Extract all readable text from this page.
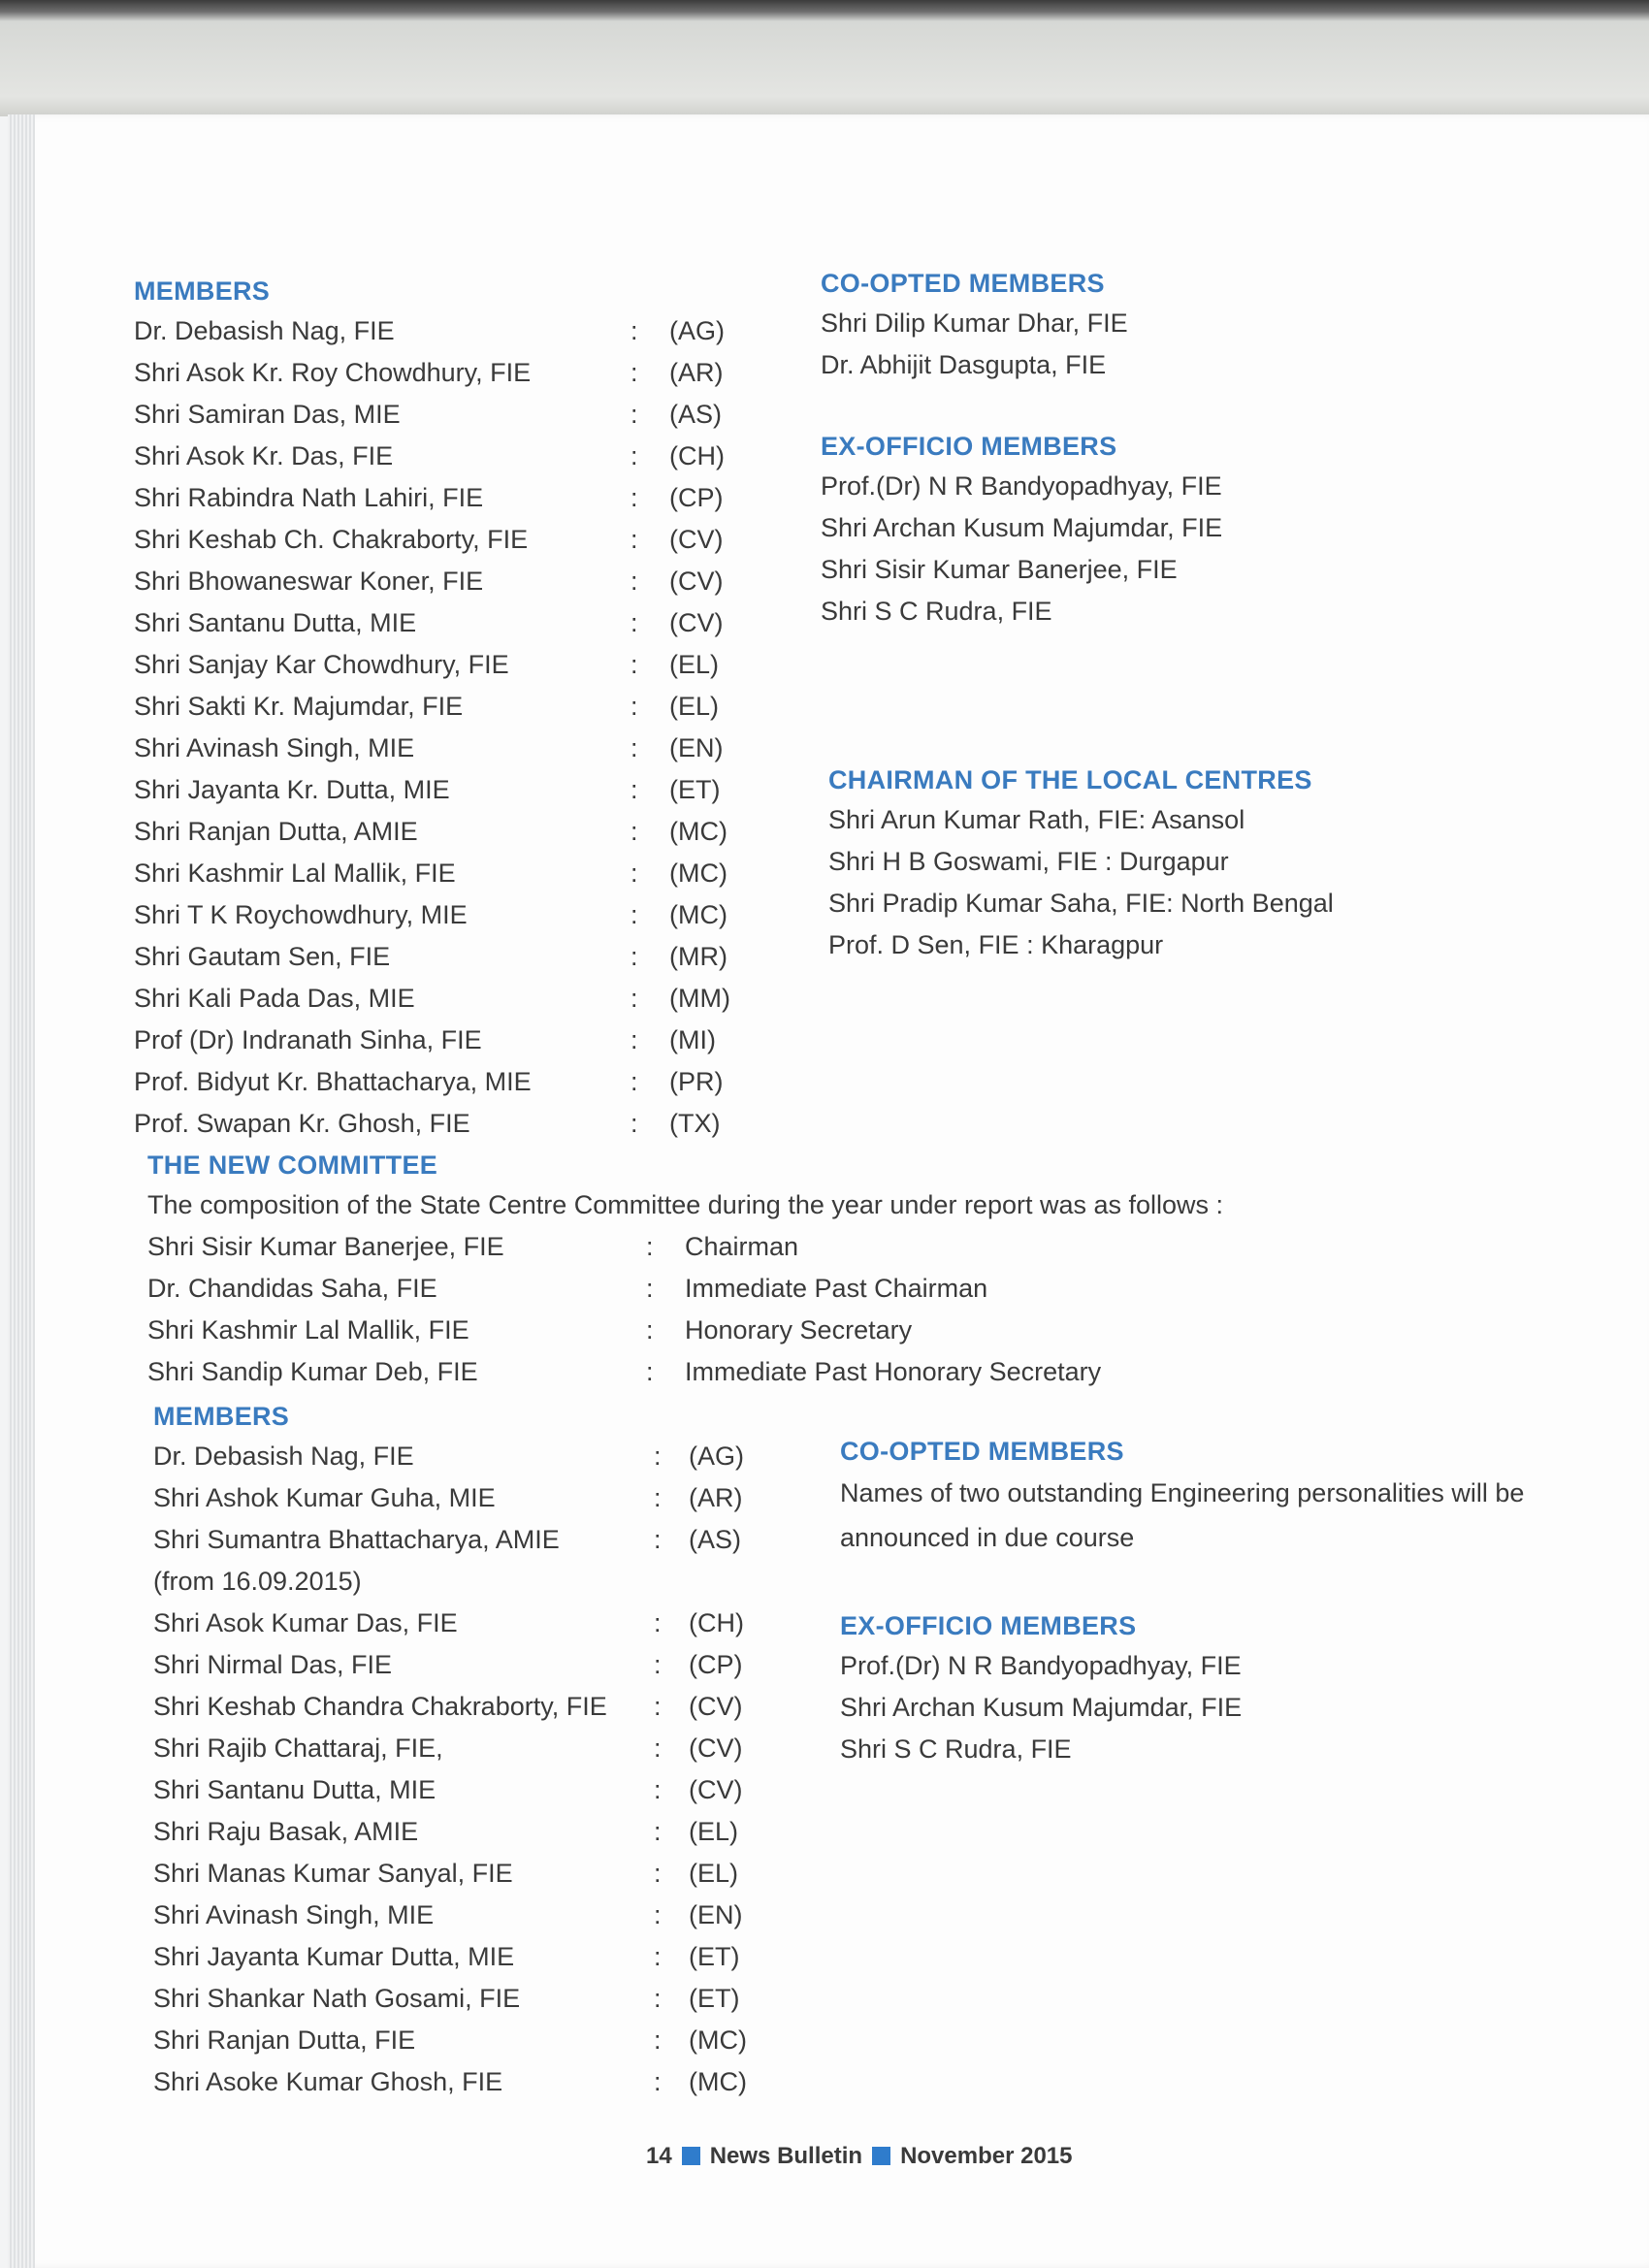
MEMBERS
Dr. Debasish Nag, FIE	: (AG)
Shri Asok Kr. Roy Chowdhury, FIE	: (AR)
Shri Samiran Das, MIE	: (AS)
Shri Asok Kr. Das, FIE	: (CH)
Shri Rabindra Nath Lahiri, FIE	: (CP)
Shri Keshab Ch. Chakraborty, FIE	: (CV)
Shri Bhowaneswar Koner, FIE	: (CV)
Shri Santanu Dutta, MIE	: (CV)
Shri Sanjay Kar Chowdhury, FIE	: (EL)
Shri Sakti Kr. Majumdar, FIE	: (EL)
Shri Avinash Singh, MIE	: (EN)
Shri Jayanta Kr. Dutta, MIE	: (ET)
Shri Ranjan Dutta, AMIE	: (MC)
Shri Kashmir Lal Mallik, FIE	: (MC)
Shri T K Roychowdhury, MIE	: (MC)
Shri Gautam Sen, FIE	: (MR)
Shri Kali Pada Das, MIE	: (MM)
Prof (Dr) Indranath Sinha, FIE	: (MI)
Prof. Bidyut Kr. Bhattacharya, MIE	: (PR)
Prof. Swapan Kr. Ghosh, FIE	: (TX)
CO-OPTED MEMBERS
Shri Dilip Kumar Dhar, FIE
Dr. Abhijit Dasgupta, FIE
EX-OFFICIO MEMBERS
Prof.(Dr) N R Bandyopadhyay, FIE
Shri Archan Kusum Majumdar, FIE
Shri Sisir Kumar Banerjee, FIE
Shri S C Rudra, FIE
CHAIRMAN OF THE LOCAL CENTRES
Shri Arun Kumar Rath, FIE: Asansol
Shri H B Goswami, FIE : Durgapur
Shri Pradip Kumar Saha, FIE: North Bengal
Prof. D Sen, FIE : Kharagpur
THE NEW COMMITTEE
The composition of the State Centre Committee during the year under report was as follows :
Shri Sisir Kumar Banerjee, FIE	: Chairman
Dr. Chandidas Saha, FIE	: Immediate Past Chairman
Shri Kashmir Lal Mallik, FIE	: Honorary Secretary
Shri Sandip Kumar Deb, FIE	: Immediate Past Honorary Secretary
MEMBERS
Dr. Debasish Nag, FIE	: (AG)
Shri Ashok Kumar Guha, MIE	: (AR)
Shri Sumantra Bhattacharya, AMIE	: (AS)
(from 16.09.2015)
Shri Asok Kumar Das, FIE	: (CH)
Shri Nirmal Das, FIE	: (CP)
Shri Keshab Chandra Chakraborty, FIE : (CV)
Shri Rajib Chattaraj, FIE,	: (CV)
Shri Santanu Dutta, MIE	: (CV)
Shri Raju Basak, AMIE	: (EL)
Shri Manas Kumar Sanyal, FIE	: (EL)
Shri Avinash Singh, MIE	: (EN)
Shri Jayanta Kumar Dutta, MIE	: (ET)
Shri Shankar Nath Gosami, FIE	: (ET)
Shri Ranjan Dutta, FIE	: (MC)
Shri Asoke Kumar Ghosh, FIE	: (MC)
CO-OPTED MEMBERS
Names of two outstanding Engineering personalities will be announced in due course
EX-OFFICIO MEMBERS
Prof.(Dr) N R Bandyopadhyay, FIE
Shri Archan Kusum Majumdar, FIE
Shri S C Rudra, FIE
14 News Bulletin November 2015
